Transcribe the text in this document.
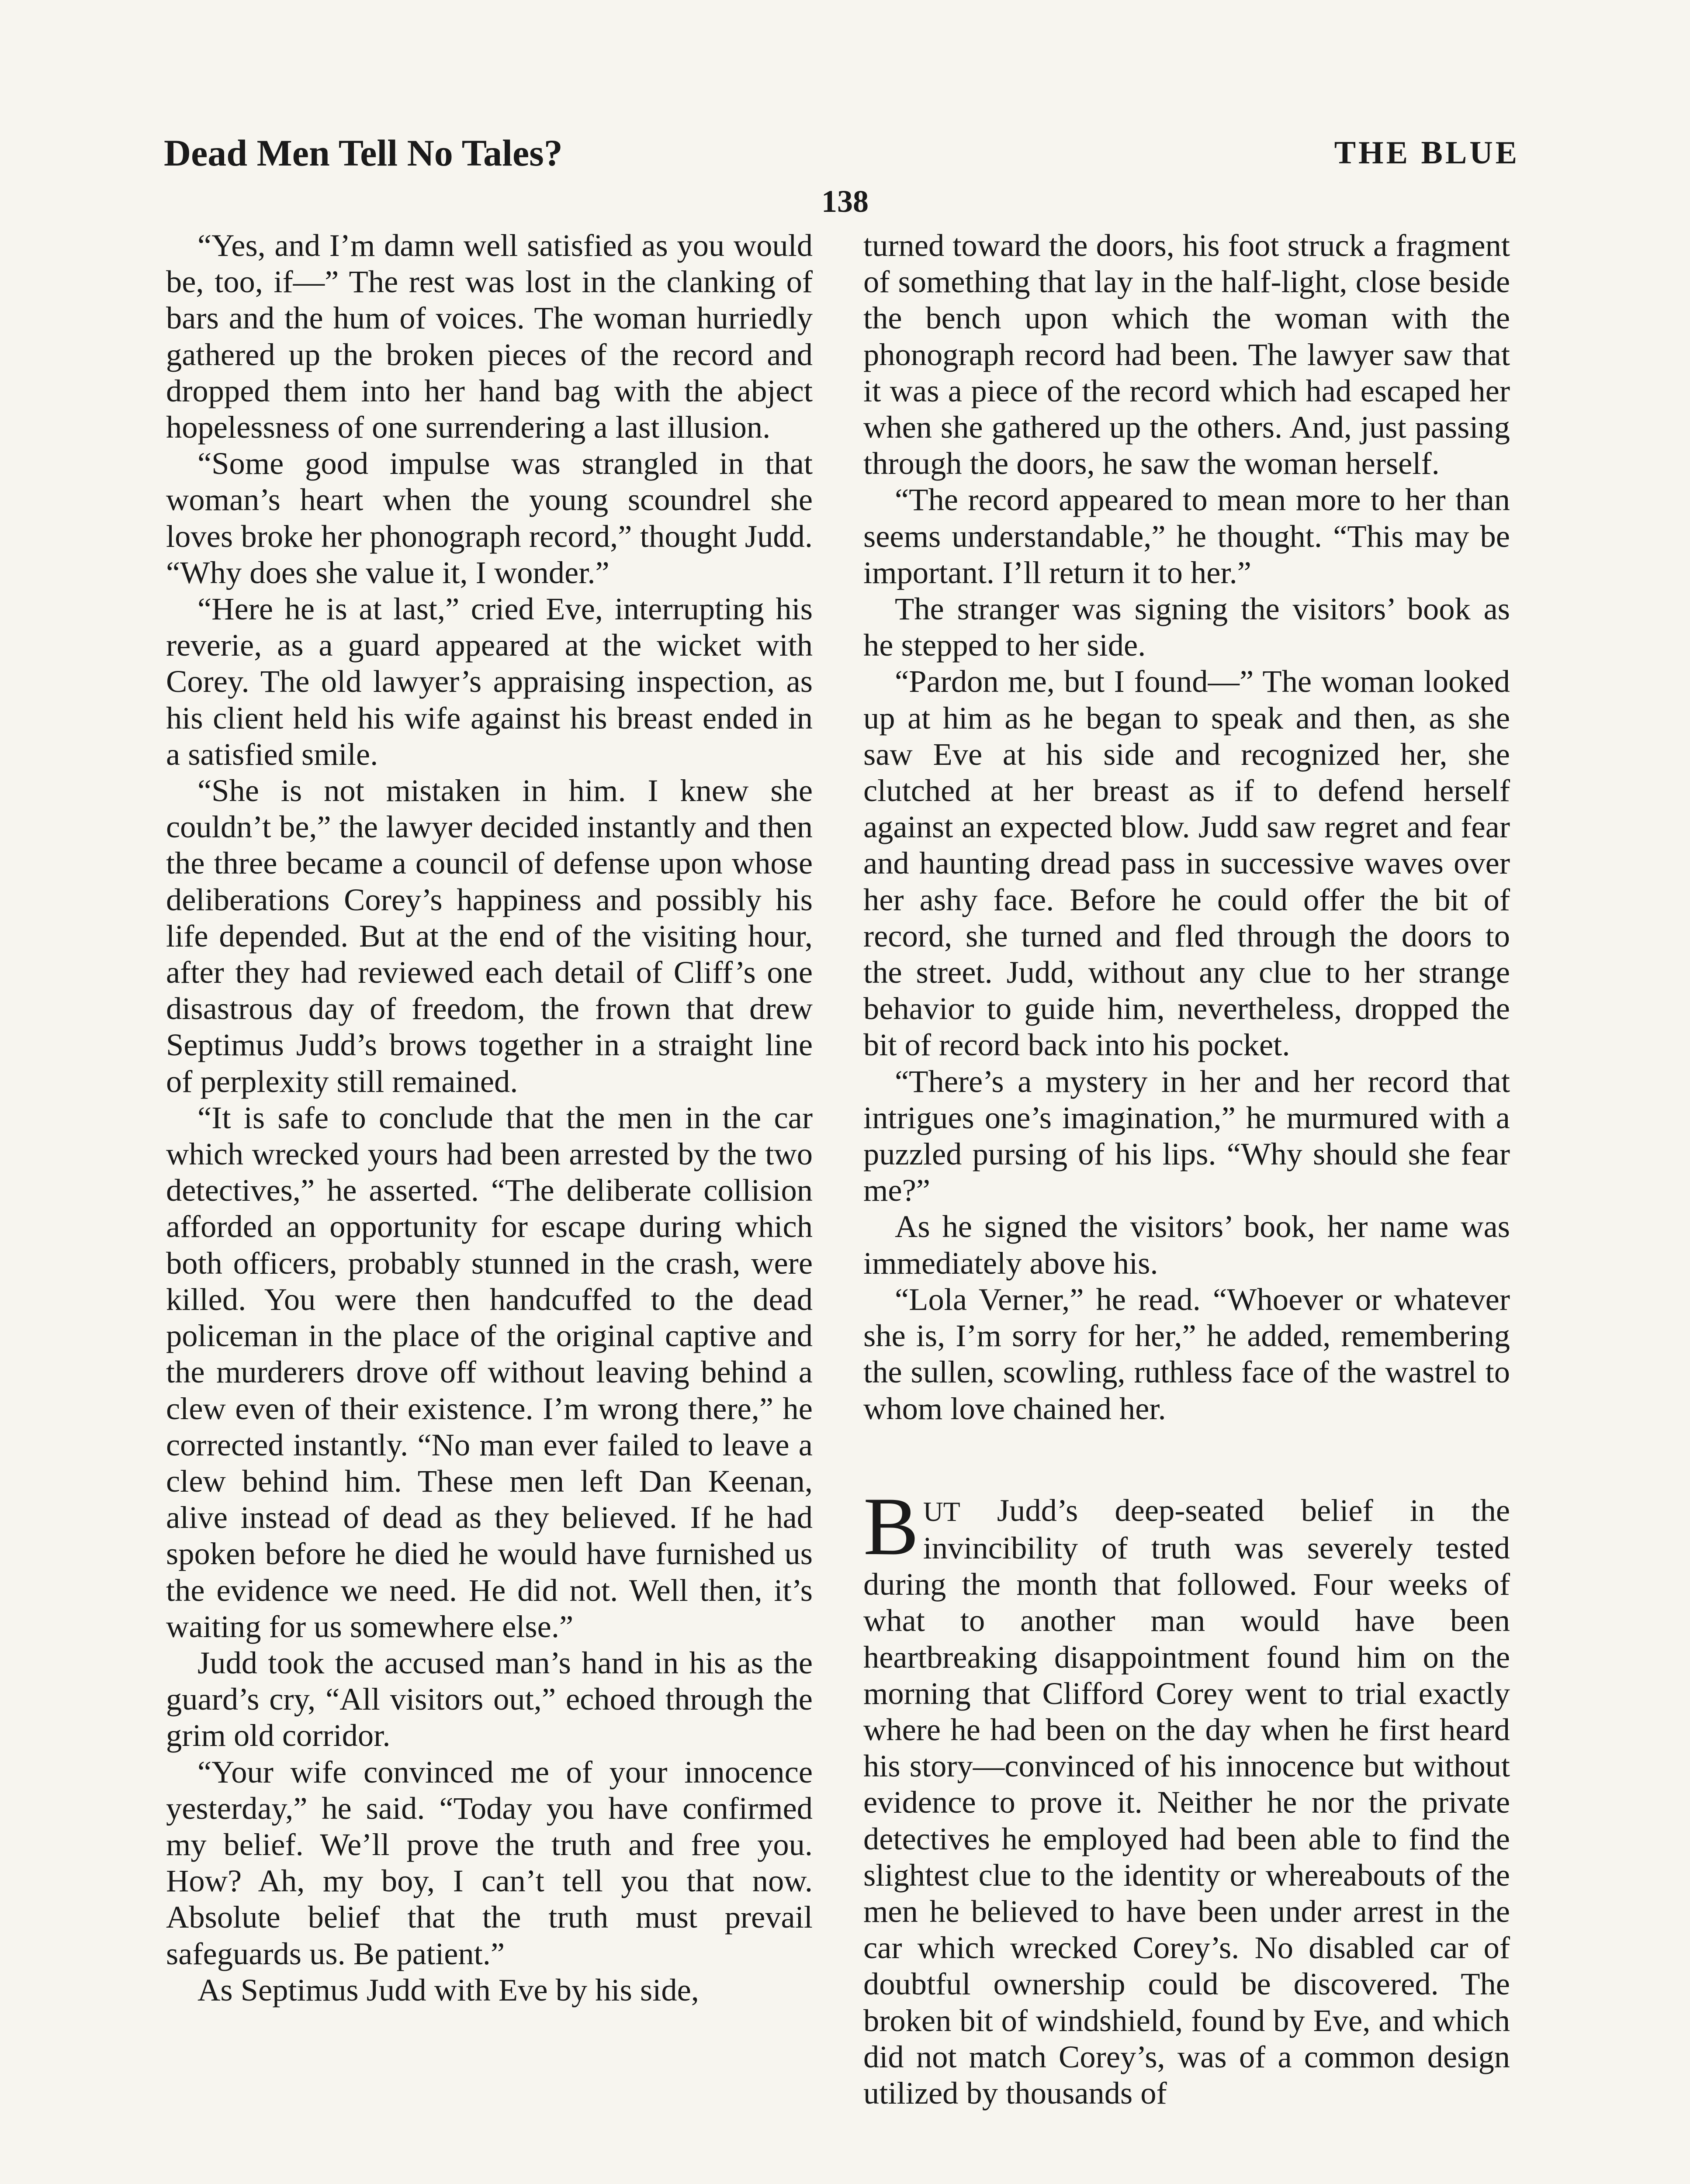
Dead Men Tell No Tales?	THE BLUE
138

“Yes, and I’m damn well satisfied as you would be, too, if—” The rest was lost in the clanking of bars and the hum of voices. The woman hurriedly gathered up the broken pieces of the record and dropped them into her hand bag with the abject hopelessness of one surrendering a last illusion.

“Some good impulse was strangled in that woman’s heart when the young scoundrel she loves broke her phonograph record,” thought Judd. “Why does she value it, I wonder.”

“Here he is at last,” cried Eve, interrupting his reverie, as a guard appeared at the wicket with Corey. The old lawyer’s appraising inspection, as his client held his wife against his breast ended in a satisfied smile.

“She is not mistaken in him. I knew she couldn’t be,” the lawyer decided instantly and then the three became a council of defense upon whose deliberations Corey’s happiness and possibly his life depended. But at the end of the visiting hour, after they had reviewed each detail of Cliff’s one disastrous day of freedom, the frown that drew Septimus Judd’s brows together in a straight line of perplexity still remained.

“It is safe to conclude that the men in the car which wrecked yours had been arrested by the two detectives,” he asserted. “The deliberate collision afforded an opportunity for escape during which both officers, probably stunned in the crash, were killed. You were then handcuffed to the dead policeman in the place of the original captive and the murderers drove off without leaving behind a clew even of their existence. I’m wrong there,” he corrected instantly. “No man ever failed to leave a clew behind him. These men left Dan Keenan, alive instead of dead as they believed. If he had spoken before he died he would have furnished us the evidence we need. He did not. Well then, it’s waiting for us somewhere else.”

Judd took the accused man’s hand in his as the guard’s cry, “All visitors out,” echoed through the grim old corridor.

“Your wife convinced me of your innocence yesterday,” he said. “Today you have confirmed my belief. We’ll prove the truth and free you. How? Ah, my boy, I can’t tell you that now. Absolute belief that the truth must prevail safeguards us. Be patient.”

As Septimus Judd with Eve by his side,

turned toward the doors, his foot struck a fragment of something that lay in the half-light, close beside the bench upon which the woman with the phonograph record had been. The lawyer saw that it was a piece of the record which had escaped her when she gathered up the others. And, just passing through the doors, he saw the woman herself.

“The record appeared to mean more to her than seems understandable,” he thought. “This may be important. I’ll return it to her.”

The stranger was signing the visitors’ book as he stepped to her side.

“Pardon me, but I found—” The woman looked up at him as he began to speak and then, as she saw Eve at his side and recognized her, she clutched at her breast as if to defend herself against an expected blow. Judd saw regret and fear and haunting dread pass in successive waves over her ashy face. Before he could offer the bit of record, she turned and fled through the doors to the street. Judd, without any clue to her strange behavior to guide him, nevertheless, dropped the bit of record back into his pocket.

“There’s a mystery in her and her record that intrigues one’s imagination,” he murmured with a puzzled pursing of his lips. “Why should she fear me?”

As he signed the visitors’ book, her name was immediately above his.

“Lola Verner,” he read. “Whoever or whatever she is, I’m sorry for her,” he added, remembering the sullen, scowling, ruthless face of the wastrel to whom love chained her.

BUT Judd’s deep-seated belief in the invincibility of truth was severely tested during the month that followed. Four weeks of what to another man would have been heartbreaking disappointment found him on the morning that Clifford Corey went to trial exactly where he had been on the day when he first heard his story—convinced of his innocence but without evidence to prove it. Neither he nor the private detectives he employed had been able to find the slightest clue to the identity or whereabouts of the men he believed to have been under arrest in the car which wrecked Corey’s. No disabled car of doubtful ownership could be discovered. The broken bit of windshield, found by Eve, and which did not match Corey’s, was of a common design utilized by thousands of
